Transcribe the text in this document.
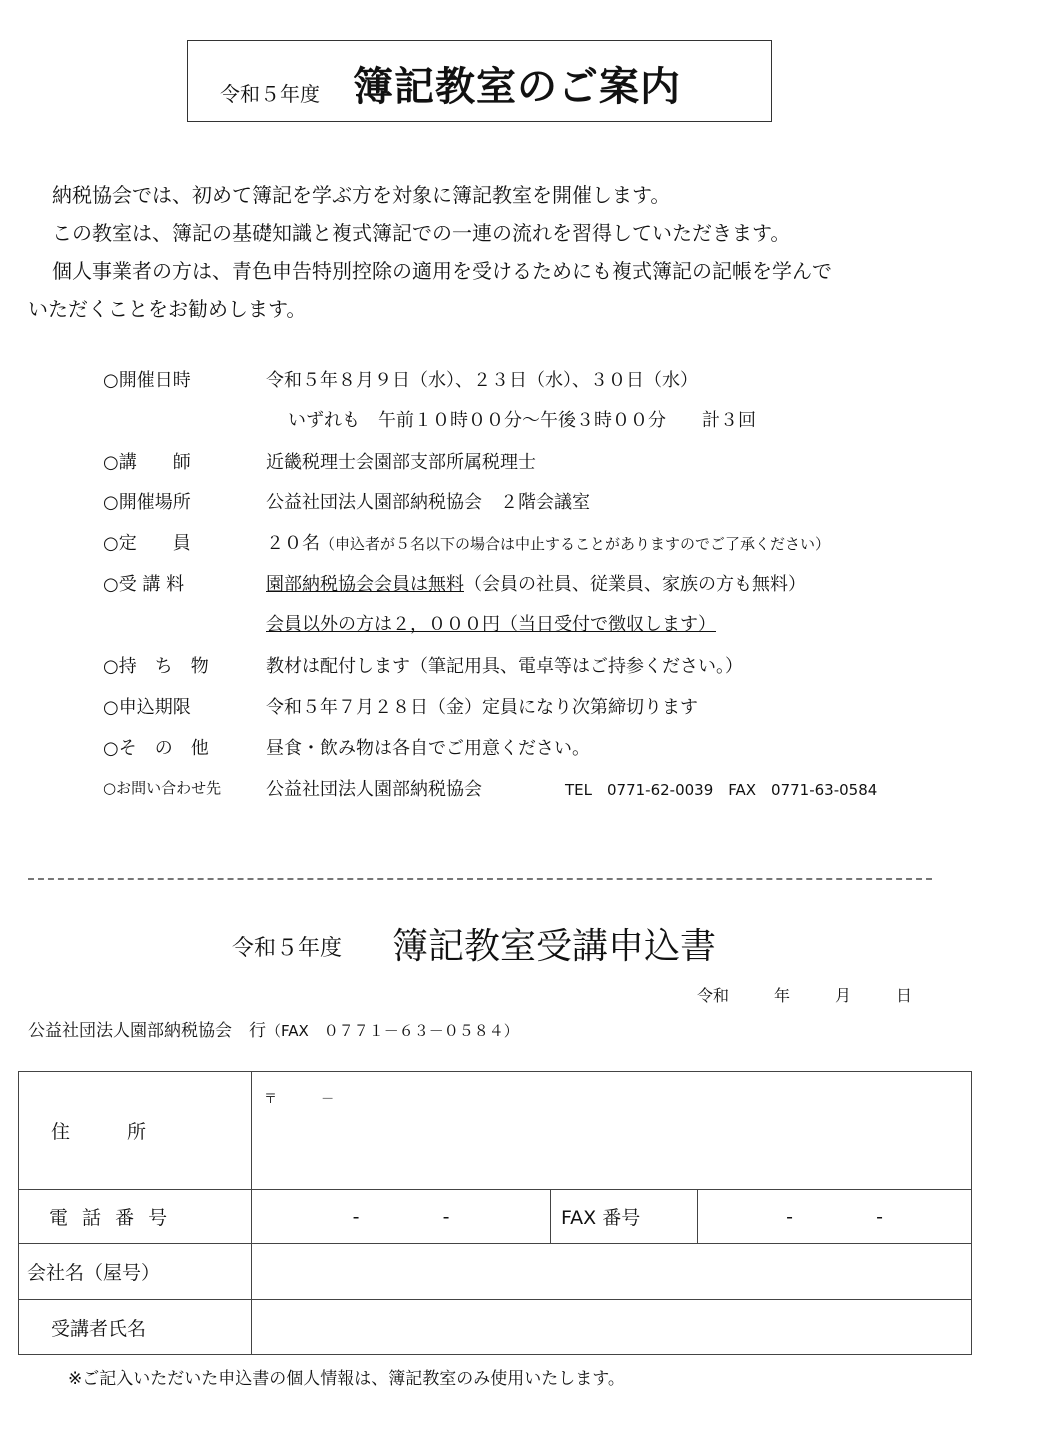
令和５年度 簿記教室のご案内

納税協会では、初めて簿記を学ぶ方を対象に簿記教室を開催します。

この教室は、簿記の基礎知識と複式簿記での一連の流れを習得していただきます。

個人事業者の方は、青色申告特別控除の適用を受けるためにも複式簿記の記帳を学んで

いただくことをお勧めします。

○開催日時	令和５年８月９日（水）、２３日（水）、３０日（水）
いずれも　午前１０時００分～午後３時００分　　計３回
○講　　師	近畿税理士会園部支部所属税理士
○開催場所	公益社団法人園部納税協会　２階会議室
○定　　員	２０名（申込者が５名以下の場合は中止することがありますのでご了承ください）
○受 講 料	園部納税協会会員は無料（会員の社員、従業員、家族の方も無料）
会員以外の方は２，０００円（当日受付で徴収します）
○持　ち　物	教材は配付します（筆記用具、電卓等はご持参ください。）
○申込期限	令和５年７月２８日（金）定員になり次第締切ります
○そ　の　他	昼食・飲み物は各自でご用意ください。
○お問い合わせ先 公益社団法人園部納税協会	TEL　0771-62-0039　FAX　0771-63-0584
令和５年度 簿記教室受講申込書
令和	年	月	日
公益社団法人園部納税協会　行（FAX　０７７１－６３－０５８４）
住　　　所	〒 －		
電 話 番 号	- -	FAX 番号	- -
会社名（屋号）			
受講者氏名			
※ご記入いただいた申込書の個人情報は、簿記教室のみ使用いたします。
